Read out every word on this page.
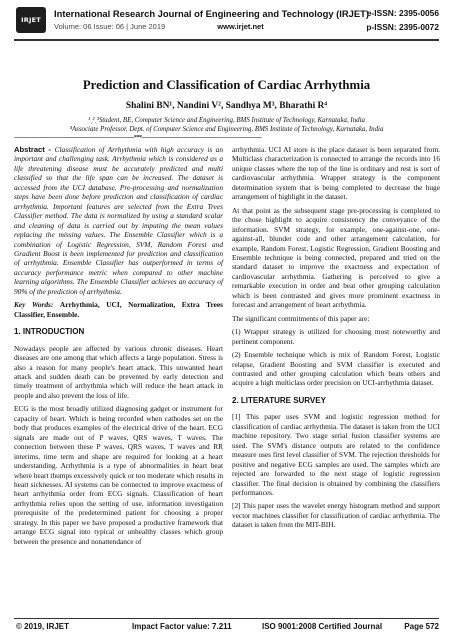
IRJET
International Research Journal of Engineering and Technology (IRJET)
Volume: 06 Issue: 06 | June 2019	www.irjet.net
e-ISSN: 2395-0056
p-ISSN: 2395-0072
Prediction and Classification of Cardiac Arrhythmia
Shalini BN¹, Nandini V², Sandhya M³, Bharathi R⁴
¹ˎ²ˎ³Student, BE, Computer Science and Engineering, BMS Institute of Technology, Karnataka, India
⁴Associate Professor, Dept. of Computer Science and Engineering, BMS Institute of Technology, Karnataka, India
---------------------------------------------------------------------------***---------------------------------------------------------------------------

Abstract - Classification of Arrhythmia with high accuracy is an important and challenging task. Arrhythmia which is considered as a life threatening disease must be accurately predicted and multi classified so that the life span can be increased. The dataset is accessed from the UCI database. Pre-processing and normalization steps have been done before prediction and classification of cardiac arrhythmia. Important features are selected from the Extra Trees Classifier method. The data is normalized by using a standard scalar and cleaning of data is carried out by imputing the mean values replacing the missing values. The Ensemble Classifier which is a combination of Logistic Regression, SVM, Random Forest and Gradient Boost is been implemented for prediction and classification of arrhythmia. Ensemble Classifier has outperformed in terms of accuracy performance metric when compared to other machine learning algorithms. The Ensemble Classifier achieves an accuracy of 90% of the prediction of arrhythmia.

Key Words: Arrhythmia, UCI, Normalization, Extra Trees Classifier, Ensemble.

1. INTRODUCTION

Nowadays people are affected by various chronic diseases. Heart diseases are one among that which affects a large population. Stress is also a reason for many people's heart attack. This unwanted heart attack and sudden death can be prevented by early detection and timely treatment of arrhythmia which will reduce the heart attack in people and also prevent the loss of life.

ECG is the most broadly utilized diagnosing gadget or instrument for capacity of heart. Which is being recorded when cathodes set on the body that produces examples of the electrical drive of the heart. ECG signals are made out of P waves, QRS waves, T waves. The connection between these P waves, QRS waves, T waves and RR interims, time term and shape are required for looking at a heart understanding. Arrhythmia is a type of abnormalities in heart beat where heart thumps excessively quick or too moderate which results in heart sicknesses. AI systems can be connected to improve exactness of heart arrhythmia order from ECG signals. Classification of heart arrhythmia relies upon the setting of use, information investigation prerequisite of the predetermined patient for choosing a proper strategy. In this paper we have proposed a productive framework that arrange ECG signal into typical or unhealthy classes which group between the presence and nonattendance of

arrhythmia. UCI AI store is the place dataset is been separated from. Multiclass characterization is connected to arrange the records into 16 unique classes where the top of the line is ordinary and rest is sort of cardiovascular arrhythmia. Wrapper strategy is the component determination system that is being completed to decrease the huge arrangement of highlight in the dataset.

At that point as the subsequent stage pre-processing is completed to the chose highlight to acquire consistency the conveyance of the information. SVM strategy, for example, one-against-one, one-against-all, blunder code and other arrangement calculation, for example, Random Forest, Logistic Regression, Gradient Boosting and Ensemble technique is being connected, prepared and tried on the standard dataset to improve the exactness and expectation of cardiovascular arrhythmia. Gathering is perceived to give a remarkable execution in order and beat other grouping calculation which is been contrasted and gives more prominent exactness in forecast and arrangement of heart arrhythmia.

The significant commitments of this paper are:

(1) Wrapper strategy is utilized for choosing most noteworthy and pertinent component.

(2) Ensemble technique which is mix of Random Forest, Logistic relapse, Gradient Boosting and SVM classifier is executed and contrasted and other grouping calculation which beats others and acquire a high multiclass order precision on UCI-arrhythmia dataset.

2. LITERATURE SURVEY

[1] This paper uses SVM and logistic regression method for classification of cardiac arrhythmia. The dataset is taken from the UCI machine repository. Two stage serial fusion classifier systems are used. The SVM's distance outputs are related to the confidence measure uses first level classifier of SVM. The rejection thresholds for positive and negative ECG samples are used. The samples which are rejected are forwarded to the next stage of logistic regression classifier. The final decision is obtained by combining the classifiers performances.

[2] This paper uses the wavelet energy histogram method and support vector machines classifier for classification of cardiac arrhythmia. The dataset is taken from the MIT-BIH.

© 2019, IRJET	Impact Factor value: 7.211	ISO 9001:2008 Certified Journal	Page 572
